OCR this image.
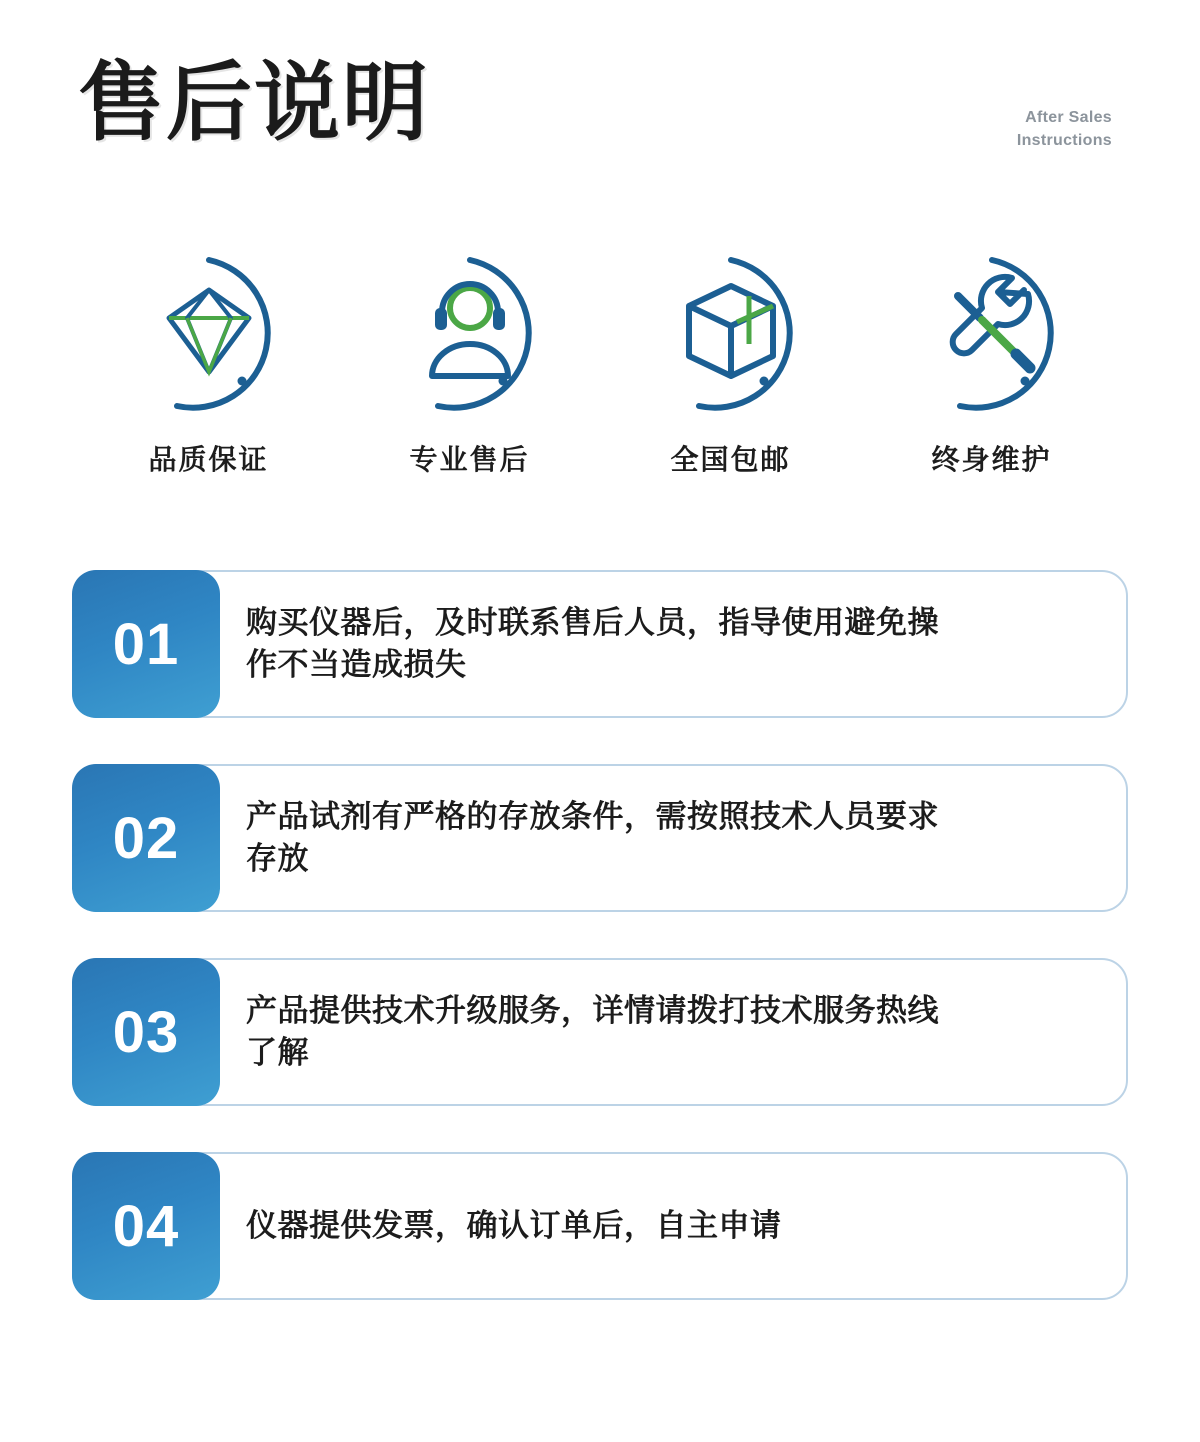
售后说明	After Sales
Instructions
品质保证	专业售后	全国包邮	终身维护
01	购买仪器后，及时联系售后人员，指导使用避免操
作不当造成损失
02	产品试剂有严格的存放条件，需按照技术人员要求
存放
03	产品提供技术升级服务，详情请拨打技术服务热线
了解
04	仪器提供发票，确认订单后，自主申请
